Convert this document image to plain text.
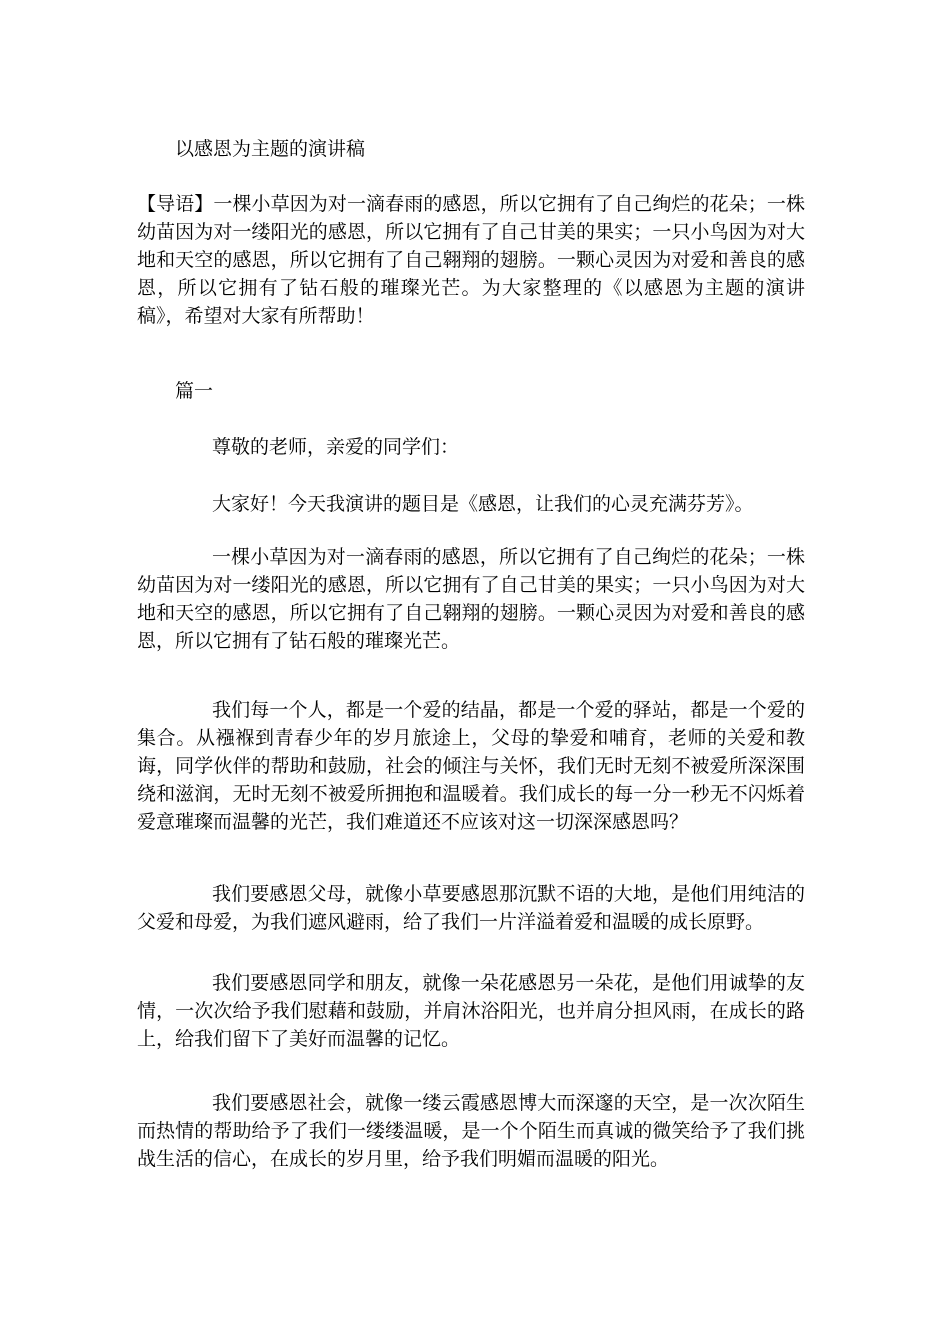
以感恩为主题的演讲稿

【导语】一棵小草因为对一滴春雨的感恩，所以它拥有了自己绚烂的花朵；一株幼苗因为对一缕阳光的感恩，所以它拥有了自己甘美的果实；一只小鸟因为对大地和天空的感恩，所以它拥有了自己翱翔的翅膀。一颗心灵因为对爱和善良的感恩，所以它拥有了钻石般的璀璨光芒。为大家整理的《以感恩为主题的演讲稿》，希望对大家有所帮助！

篇一

尊敬的老师，亲爱的同学们：

大家好！今天我演讲的题目是《感恩，让我们的心灵充满芬芳》。

一棵小草因为对一滴春雨的感恩，所以它拥有了自己绚烂的花朵；一株幼苗因为对一缕阳光的感恩，所以它拥有了自己甘美的果实；一只小鸟因为对大地和天空的感恩，所以它拥有了自己翱翔的翅膀。一颗心灵因为对爱和善良的感恩，所以它拥有了钻石般的璀璨光芒。

我们每一个人，都是一个爱的结晶，都是一个爱的驿站，都是一个爱的集合。从襁褓到青春少年的岁月旅途上，父母的挚爱和哺育，老师的关爱和教诲，同学伙伴的帮助和鼓励，社会的倾注与关怀，我们无时无刻不被爱所深深围绕和滋润，无时无刻不被爱所拥抱和温暖着。我们成长的每一分一秒无不闪烁着爱意璀璨而温馨的光芒，我们难道还不应该对这一切深深感恩吗？

我们要感恩父母，就像小草要感恩那沉默不语的大地，是他们用纯洁的父爱和母爱，为我们遮风避雨，给了我们一片洋溢着爱和温暖的成长原野。

我们要感恩同学和朋友，就像一朵花感恩另一朵花，是他们用诚挚的友情，一次次给予我们慰藉和鼓励，并肩沐浴阳光，也并肩分担风雨，在成长的路上，给我们留下了美好而温馨的记忆。

我们要感恩社会，就像一缕云霞感恩博大而深邃的天空，是一次次陌生而热情的帮助给予了我们一缕缕温暖，是一个个陌生而真诚的微笑给予了我们挑战生活的信心，在成长的岁月里，给予我们明媚而温暖的阳光。
